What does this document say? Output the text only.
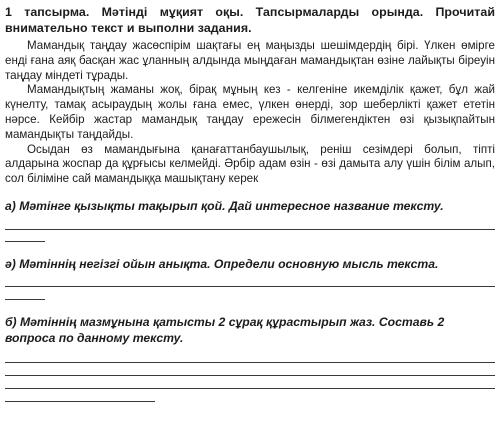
1 тапсырма. Мәтінді мұқият оқы. Тапсырмаларды орында. Прочитай внимательно текст и выполни задания.

Мамандық таңдау жасөспірім шақтағы ең маңызды шешімдердің бірі. Үлкен өмірге енді ғана аяқ басқан жас ұланның алдында мыңдаған мамандықтан өзіне лайықты біреуін таңдау міндеті тұрады.

Мамандықтың жаманы жоқ, бірақ мұның кез - келгеніне икемділік қажет, бұл жай күнелту, тамақ асыраудың жолы ғана емес, үлкен өнерді, зор шеберлікті қажет ететін нәрсе. Кейбір жастар мамандық таңдау ережесін білмегендіктен өзі қызықпайтын мамандықты таңдайды.

Осыдан өз мамандығына қанағаттанбаушылық, реніш сезімдері болып, тіпті алдарына жоспар да құрғысы келмейді. Әрбір адам өзін - өзі дамыта алу үшін білім алып, сол біліміне сай мамандыққа машықтану керек

а) Мәтінге қызықты тақырып қой. Дай интересное название тексту.

ә) Мәтіннің негізгі ойын анықта. Определи основную мысль текста.

б) Мәтіннің мазмұнына қатысты 2 сұрақ құрастырып жаз. Составь 2 вопроса по данному тексту.
